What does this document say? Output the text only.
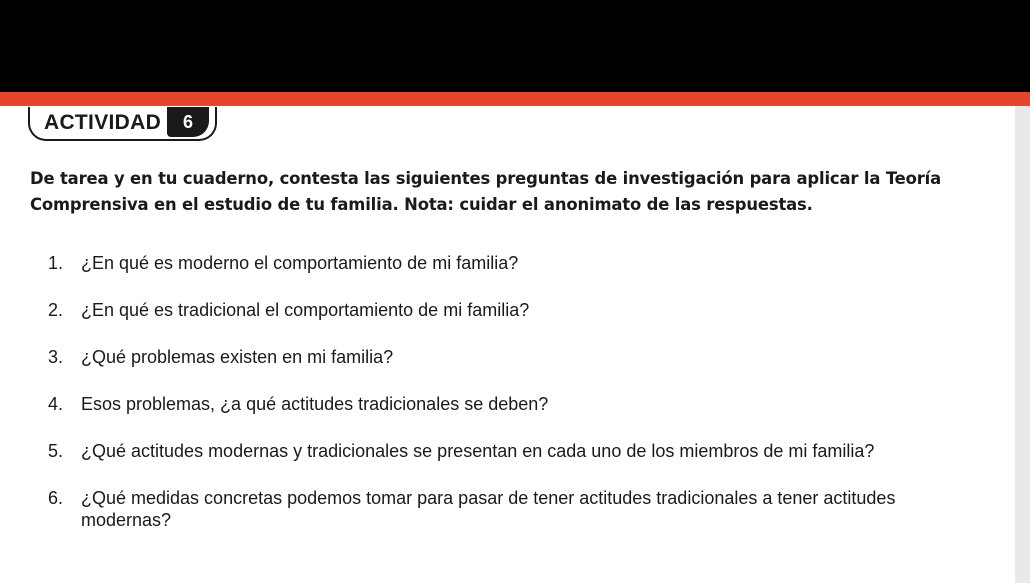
ACTIVIDAD	6

De tarea y en tu cuaderno, contesta las siguientes preguntas de investigación para aplicar la Teoría Comprensiva en el estudio de tu familia. Nota: cuidar el anonimato de las respuestas.

1. ¿En qué es moderno el comportamiento de mi familia?
2. ¿En qué es tradicional el comportamiento de mi familia?
3. ¿Qué problemas existen en mi familia?
4. Esos problemas, ¿a qué actitudes tradicionales se deben?
5. ¿Qué actitudes modernas y tradicionales se presentan en cada uno de los miembros de mi familia?
6. ¿Qué medidas concretas podemos tomar para pasar de tener actitudes tradicionales a tener actitudes modernas?
